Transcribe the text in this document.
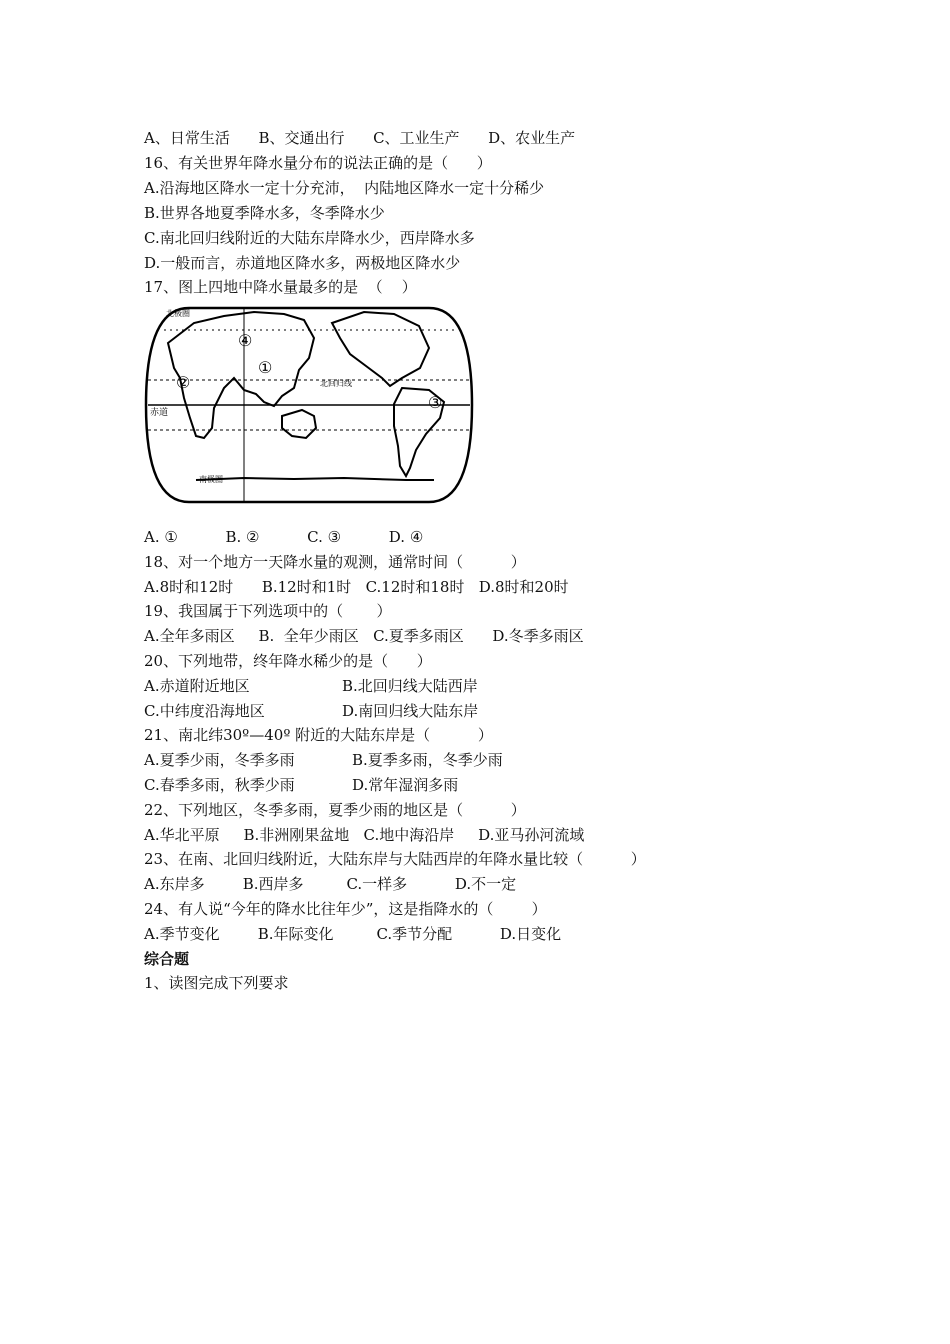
A、日常生活      B、交通出行      C、工业生产      D、农业生产
16、有关世界年降水量分布的说法正确的是（      ）
A.沿海地区降水一定十分充沛，  内陆地区降水一定十分稀少
B.世界各地夏季降水多，冬季降水少
C.南北回归线附近的大陆东岸降水少，西岸降水多
D.一般而言，赤道地区降水多，两极地区降水少
17、图上四地中降水量最多的是  （    ）
北极圈
北回归线
赤道
南极圈
①
②
③
④
A. ①          B. ②          C. ③          D. ④
18、对一个地方一天降水量的观测，通常时间（          ）
A.8时和12时      B.12时和1时   C.12时和18时   D.8时和20时
19、我国属于下列选项中的（       ）
A.全年多雨区     B.  全年少雨区   C.夏季多雨区      D.冬季多雨区
20、下列地带，终年降水稀少的是（      ）

A.赤道附近地区

	B.北回归线大陆西岸

C.中纬度沿海地区

	D.南回归线大陆东岸

21、南北纬30º—40º 附近的大陆东岸是（          ）

A.夏季少雨，冬季多雨

	B.夏季多雨，冬季少雨

C.春季多雨，秋季少雨

	D.常年湿润多雨

22、下列地区，冬季多雨，夏季少雨的地区是（          ）
A.华北平原     B.非洲刚果盆地   C.地中海沿岸     D.亚马孙河流域
23、在南、北回归线附近，大陆东岸与大陆西岸的年降水量比较（          ）
A.东岸多        B.西岸多         C.一样多          D.不一定
24、有人说“今年的降水比往年少”，这是指降水的（        ）
A.季节变化        B.年际变化         C.季节分配          D.日变化
综合题
1、读图完成下列要求
